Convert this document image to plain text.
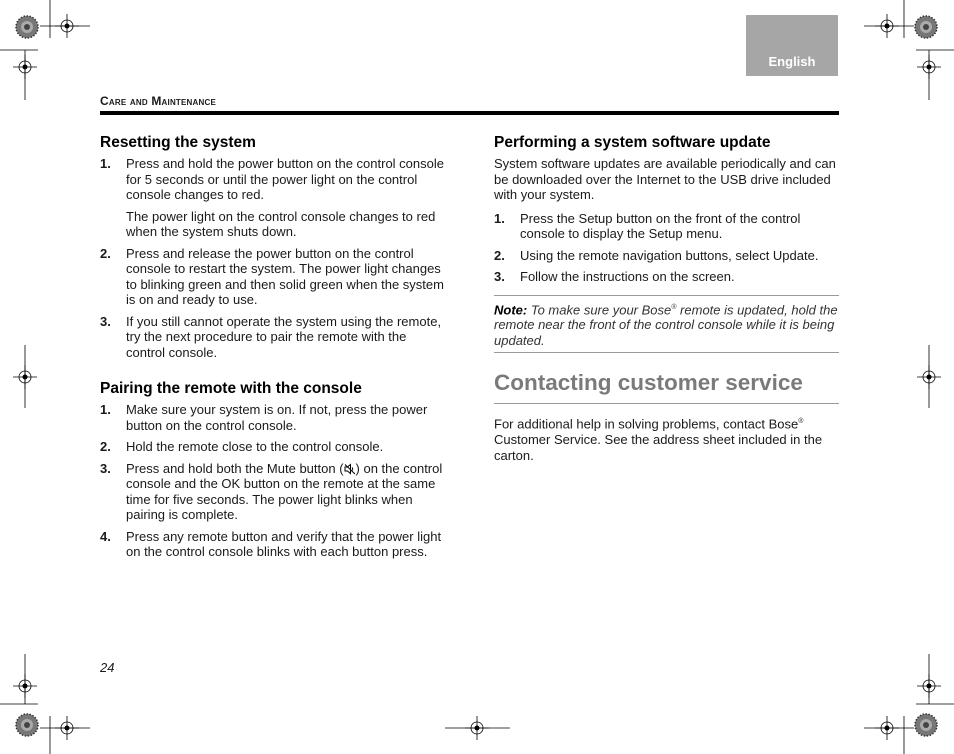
English
Care and Maintenance
Resetting the system
1.	Press and hold the power button on the control console for 5 seconds or until the power light on the control console changes to red.

The power light on the control console changes to red when the system shuts down.

2.	Press and release the power button on the control console to restart the system. The power light changes to blinking green and then solid green when the system is on and ready to use.

3.	If you still cannot operate the system using the remote, try the next procedure to pair the remote with the control console.

Pairing the remote with the console
1.	Make sure your system is on. If not, press the power button on the control console.

2.	Hold the remote close to the control console.

3.	Press and hold both the Mute button ( ) on the control console and the OK button on the remote at the same time for five seconds. The power light blinks when pairing is complete.

4.	Press any remote button and verify that the power light on the control console blinks with each button press.

Performing a system software update

System software updates are available periodically and can be downloaded over the Internet to the USB drive included with your system.

1.	Press the Setup button on the front of the control console to display the Setup menu.

2.	Using the remote navigation buttons, select Update.

3.	Follow the instructions on the screen.

Note: To make sure your Bose® remote is updated, hold the remote near the front of the control console while it is being updated.
Contacting customer service

For additional help in solving problems, contact Bose® Customer Service. See the address sheet included in the carton.

24
